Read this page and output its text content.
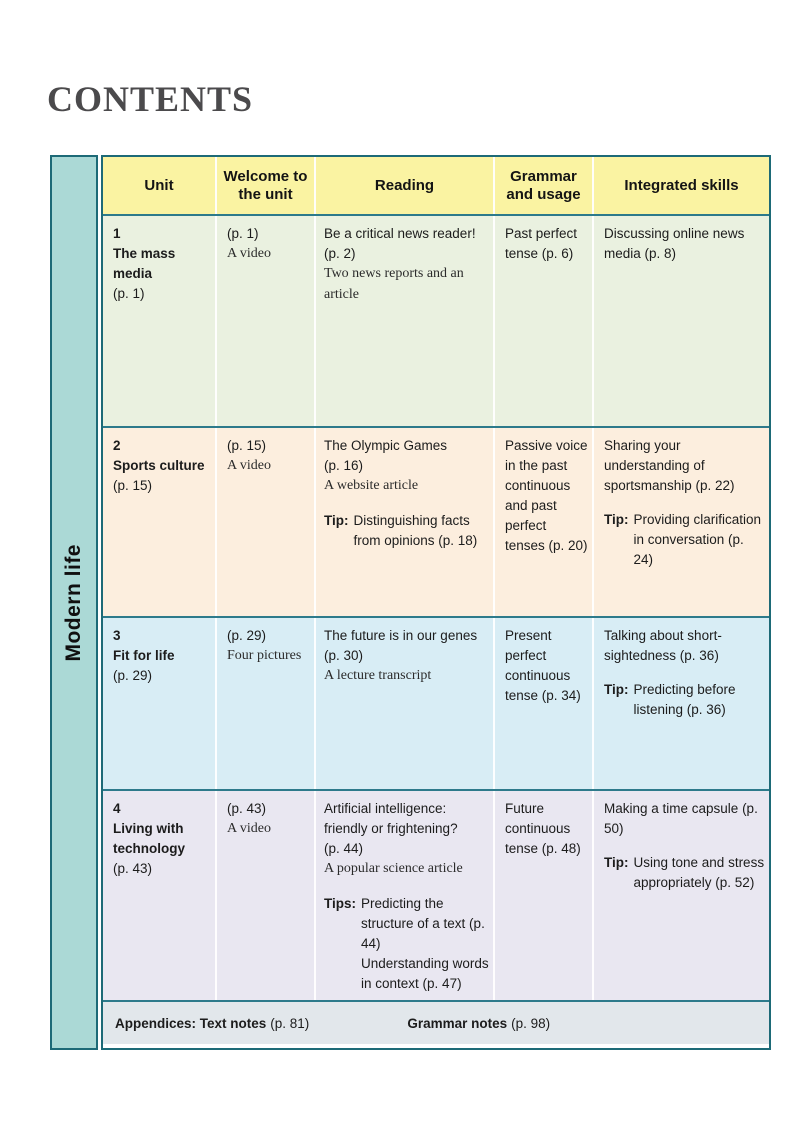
CONTENTS
Modern life
Unit
Welcome to the unit
Reading
Grammar and usage
Integrated skills
1
The mass media
(p. 1)
(p. 1)
A video
Be a critical news reader!
(p. 2)
Two news reports and an article
Past perfect tense (p. 6)
Discussing online news media (p. 8)
2
Sports culture
(p. 15)
(p. 15)
A video
The Olympic Games
(p. 16)
A website article
Tip: Distinguishing facts from opinions (p. 18)
Passive voice in the past continuous and past perfect tenses (p. 20)
Sharing your understanding of sportsmanship (p. 22)
Tip: Providing clarification in conversation (p. 24)
3
Fit for life
(p. 29)
(p. 29)
Four pictures
The future is in our genes
(p. 30)
A lecture transcript
Present perfect continuous tense (p. 34)
Talking about short-sightedness (p. 36)
Tip: Predicting before listening (p. 36)
4
Living with technology
(p. 43)
(p. 43)
A video
Artificial intelligence: friendly or frightening?
(p. 44)
A popular science article
Tips: Predicting the structure of a text (p. 44)
Understanding words in context (p. 47)
Future continuous tense (p. 48)
Making a time capsule (p. 50)
Tip: Using tone and stress appropriately (p. 52)
Appendices: Text notes (p. 81)	Grammar notes (p. 98)
